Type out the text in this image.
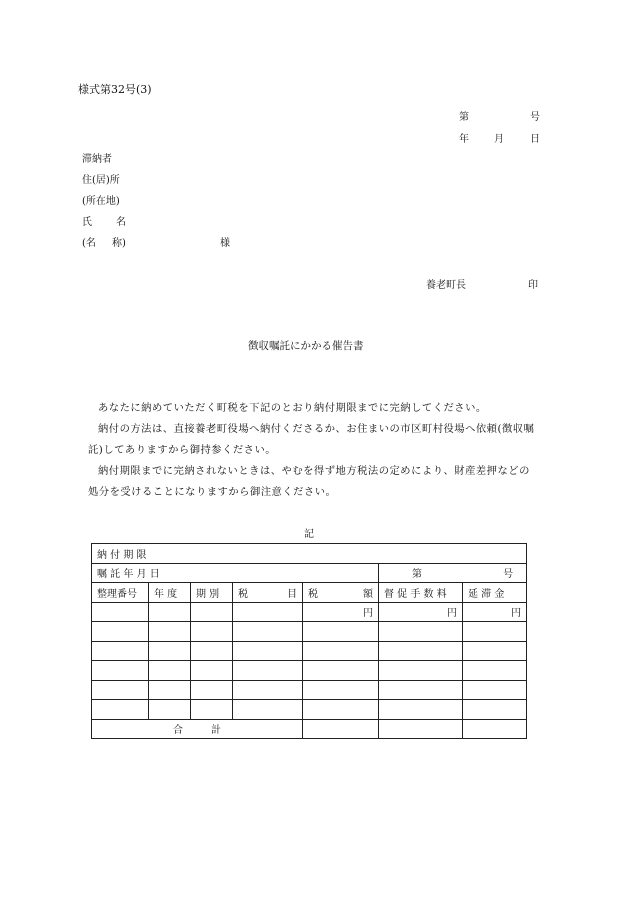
様式第32号(3)
第	号
年	月	日
滞納者
住(居)所
(所在地)
氏 名
(名 称)	様
養老町長	印
徴収嘱託にかかる催告書

あなたに納めていただく町税を下記のとおり納付期限までに完納してください。

納付の方法は、直接養老町役場へ納付くださるか、お住まいの市区町村役場へ依頼(徴収嘱託)してありますから御持参ください。

納付期限までに完納されないときは、やむを得ず地方税法の定めにより、財産差押などの処分を受けることになりますから御注意ください。

記
納 付 期 限						
嘱 託 年 月 日					第 号	

整理番号	年 度	期 別	税 目	税 額	督 促 手 数 料	延 滞 金
				円	円	円

合 計						
